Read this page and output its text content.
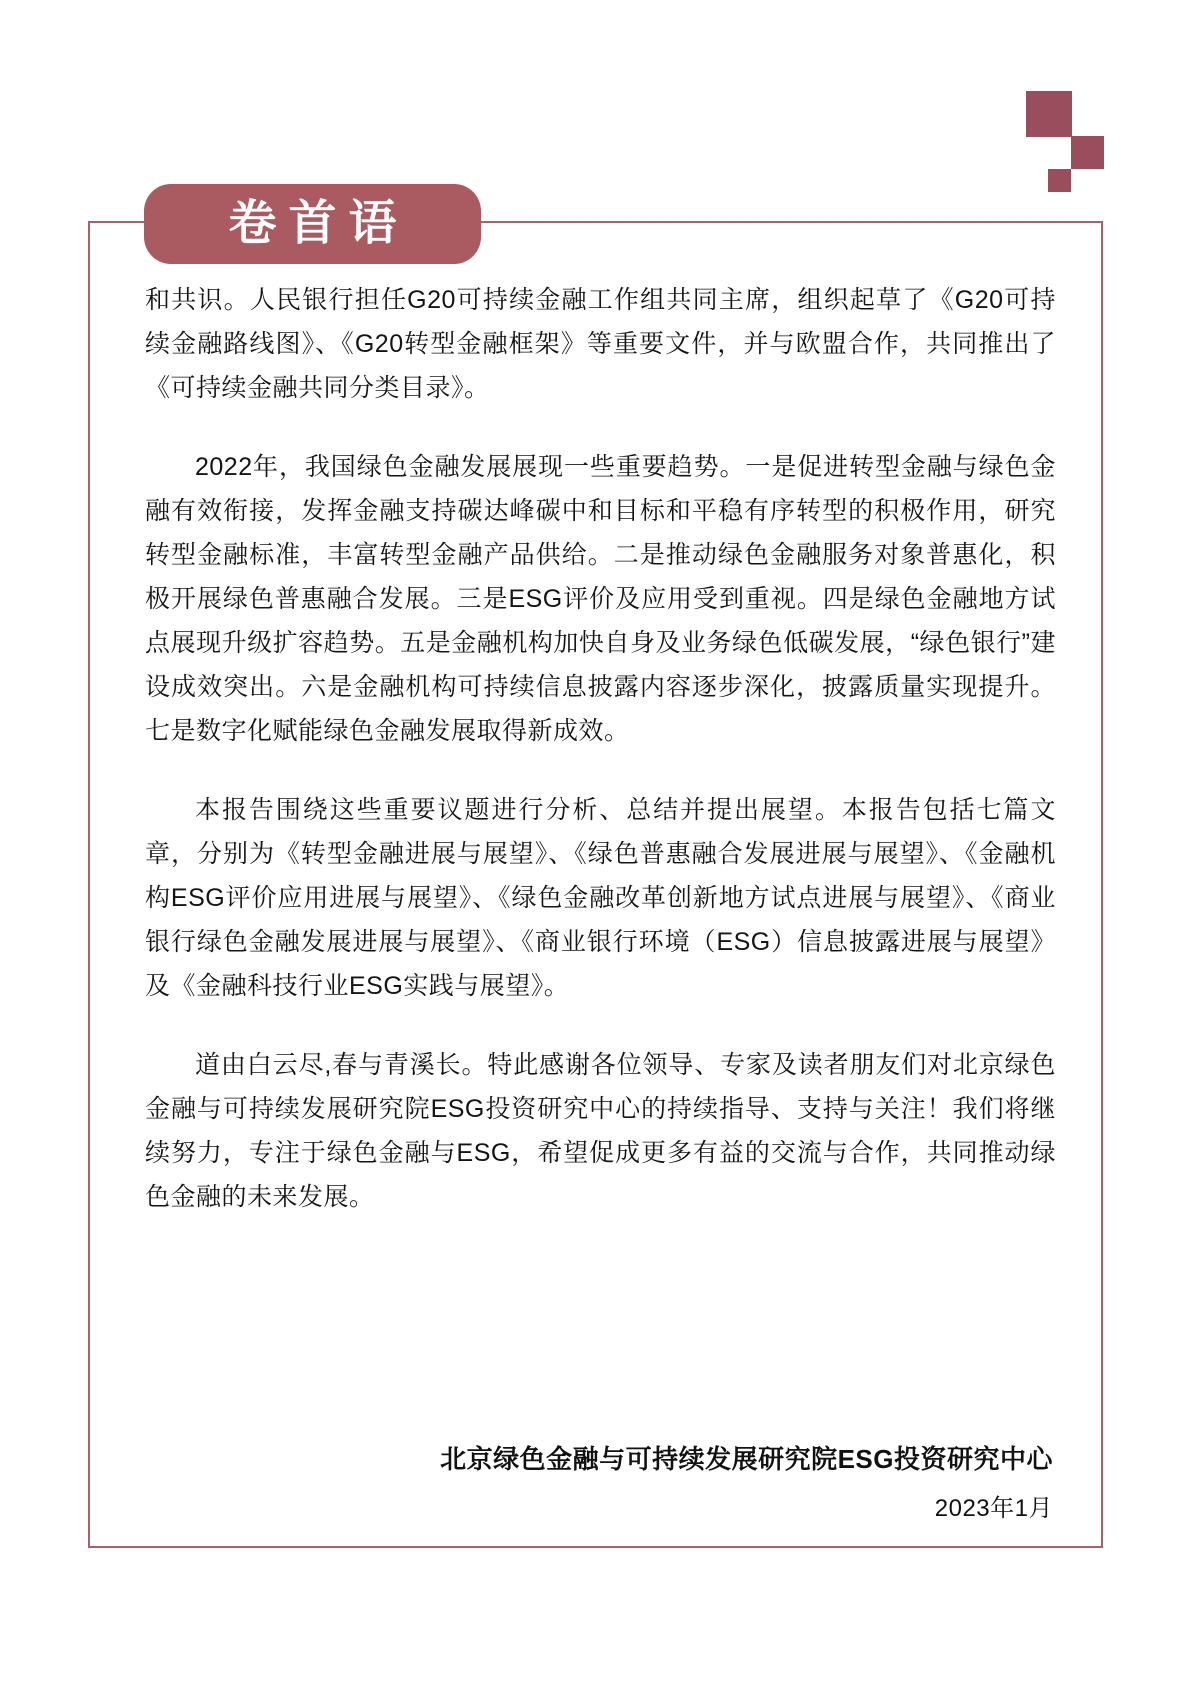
卷首语

和共识。人民银行担任G20可持续金融工作组共同主席，组织起草了《G20可持续金融路线图》、《G20转型金融框架》等重要文件，并与欧盟合作，共同推出了《可持续金融共同分类目录》。

2022年，我国绿色金融发展展现一些重要趋势。一是促进转型金融与绿色金融有效衔接，发挥金融支持碳达峰碳中和目标和平稳有序转型的积极作用，研究转型金融标准，丰富转型金融产品供给。二是推动绿色金融服务对象普惠化，积极开展绿色普惠融合发展。三是ESG评价及应用受到重视。四是绿色金融地方试点展现升级扩容趋势。五是金融机构加快自身及业务绿色低碳发展，“绿色银行”建设成效突出。六是金融机构可持续信息披露内容逐步深化，披露质量实现提升。七是数字化赋能绿色金融发展取得新成效。

本报告围绕这些重要议题进行分析、总结并提出展望。本报告包括七篇文章，分别为《转型金融进展与展望》、《绿色普惠融合发展进展与展望》、《金融机构ESG评价应用进展与展望》、《绿色金融改革创新地方试点进展与展望》、《商业银行绿色金融发展进展与展望》、《商业银行环境（ESG）信息披露进展与展望》及《金融科技行业ESG实践与展望》。

道由白云尽,春与青溪长。特此感谢各位领导、专家及读者朋友们对北京绿色金融与可持续发展研究院ESG投资研究中心的持续指导、支持与关注！我们将继续努力，专注于绿色金融与ESG，希望促成更多有益的交流与合作，共同推动绿色金融的未来发展。

北京绿色金融与可持续发展研究院ESG投资研究中心
2023年1月
